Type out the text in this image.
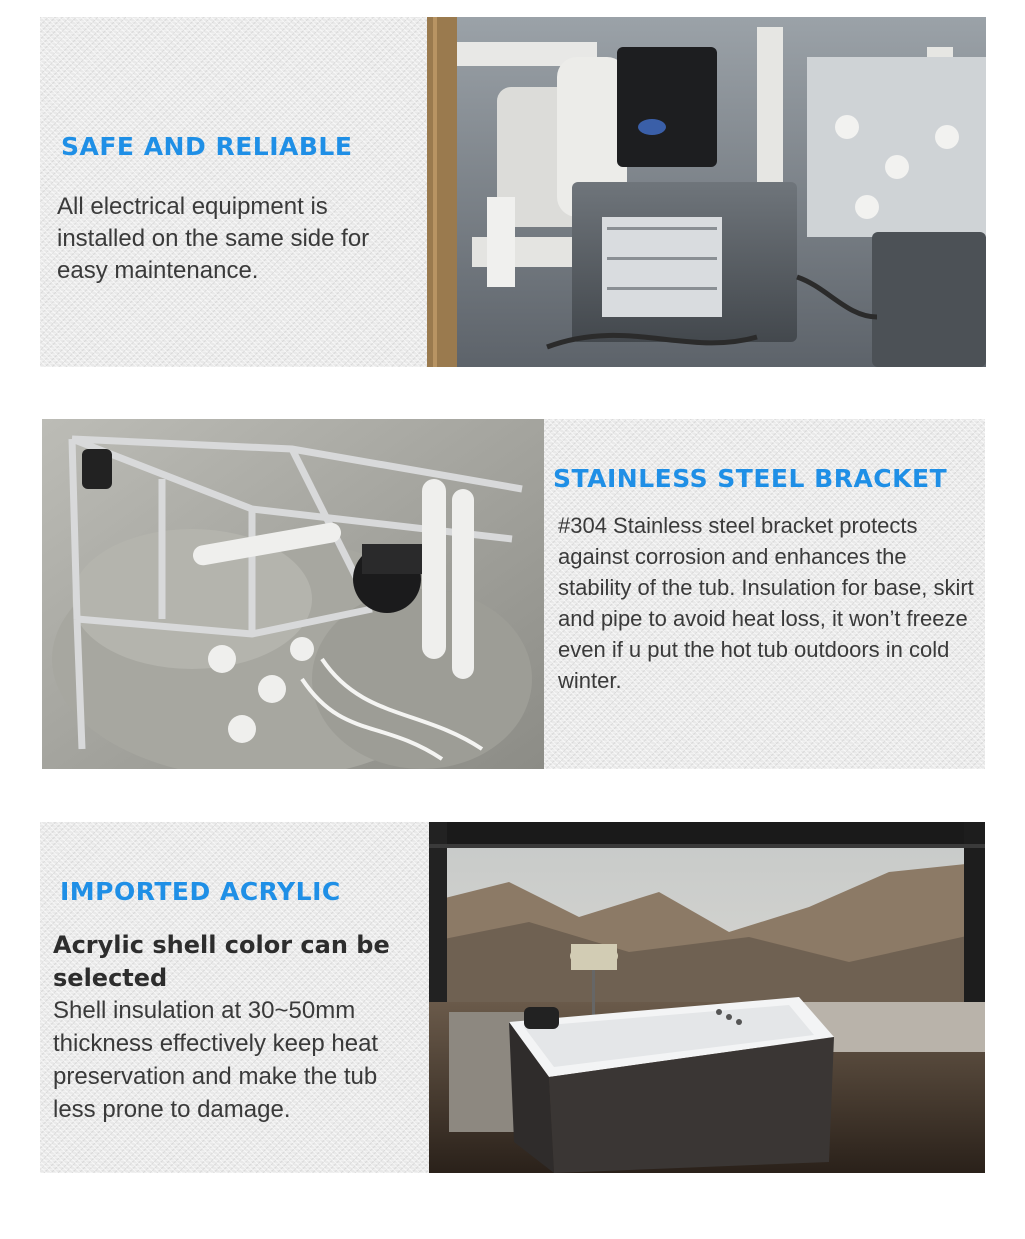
SAFE AND RELIABLE

All electrical equipment is installed on the same side for easy maintenance.

STAINLESS STEEL BRACKET

#304 Stainless steel bracket protects against corrosion and enhances the stability of the tub. Insulation for base, skirt and pipe to avoid heat loss, it won’t freeze even if u put the hot tub outdoors in cold winter.

IMPORTED ACRYLIC

Acrylic shell color can be selected

Shell insulation at 30~50mm thickness effectively keep heat preservation and make the tub less prone to damage.
